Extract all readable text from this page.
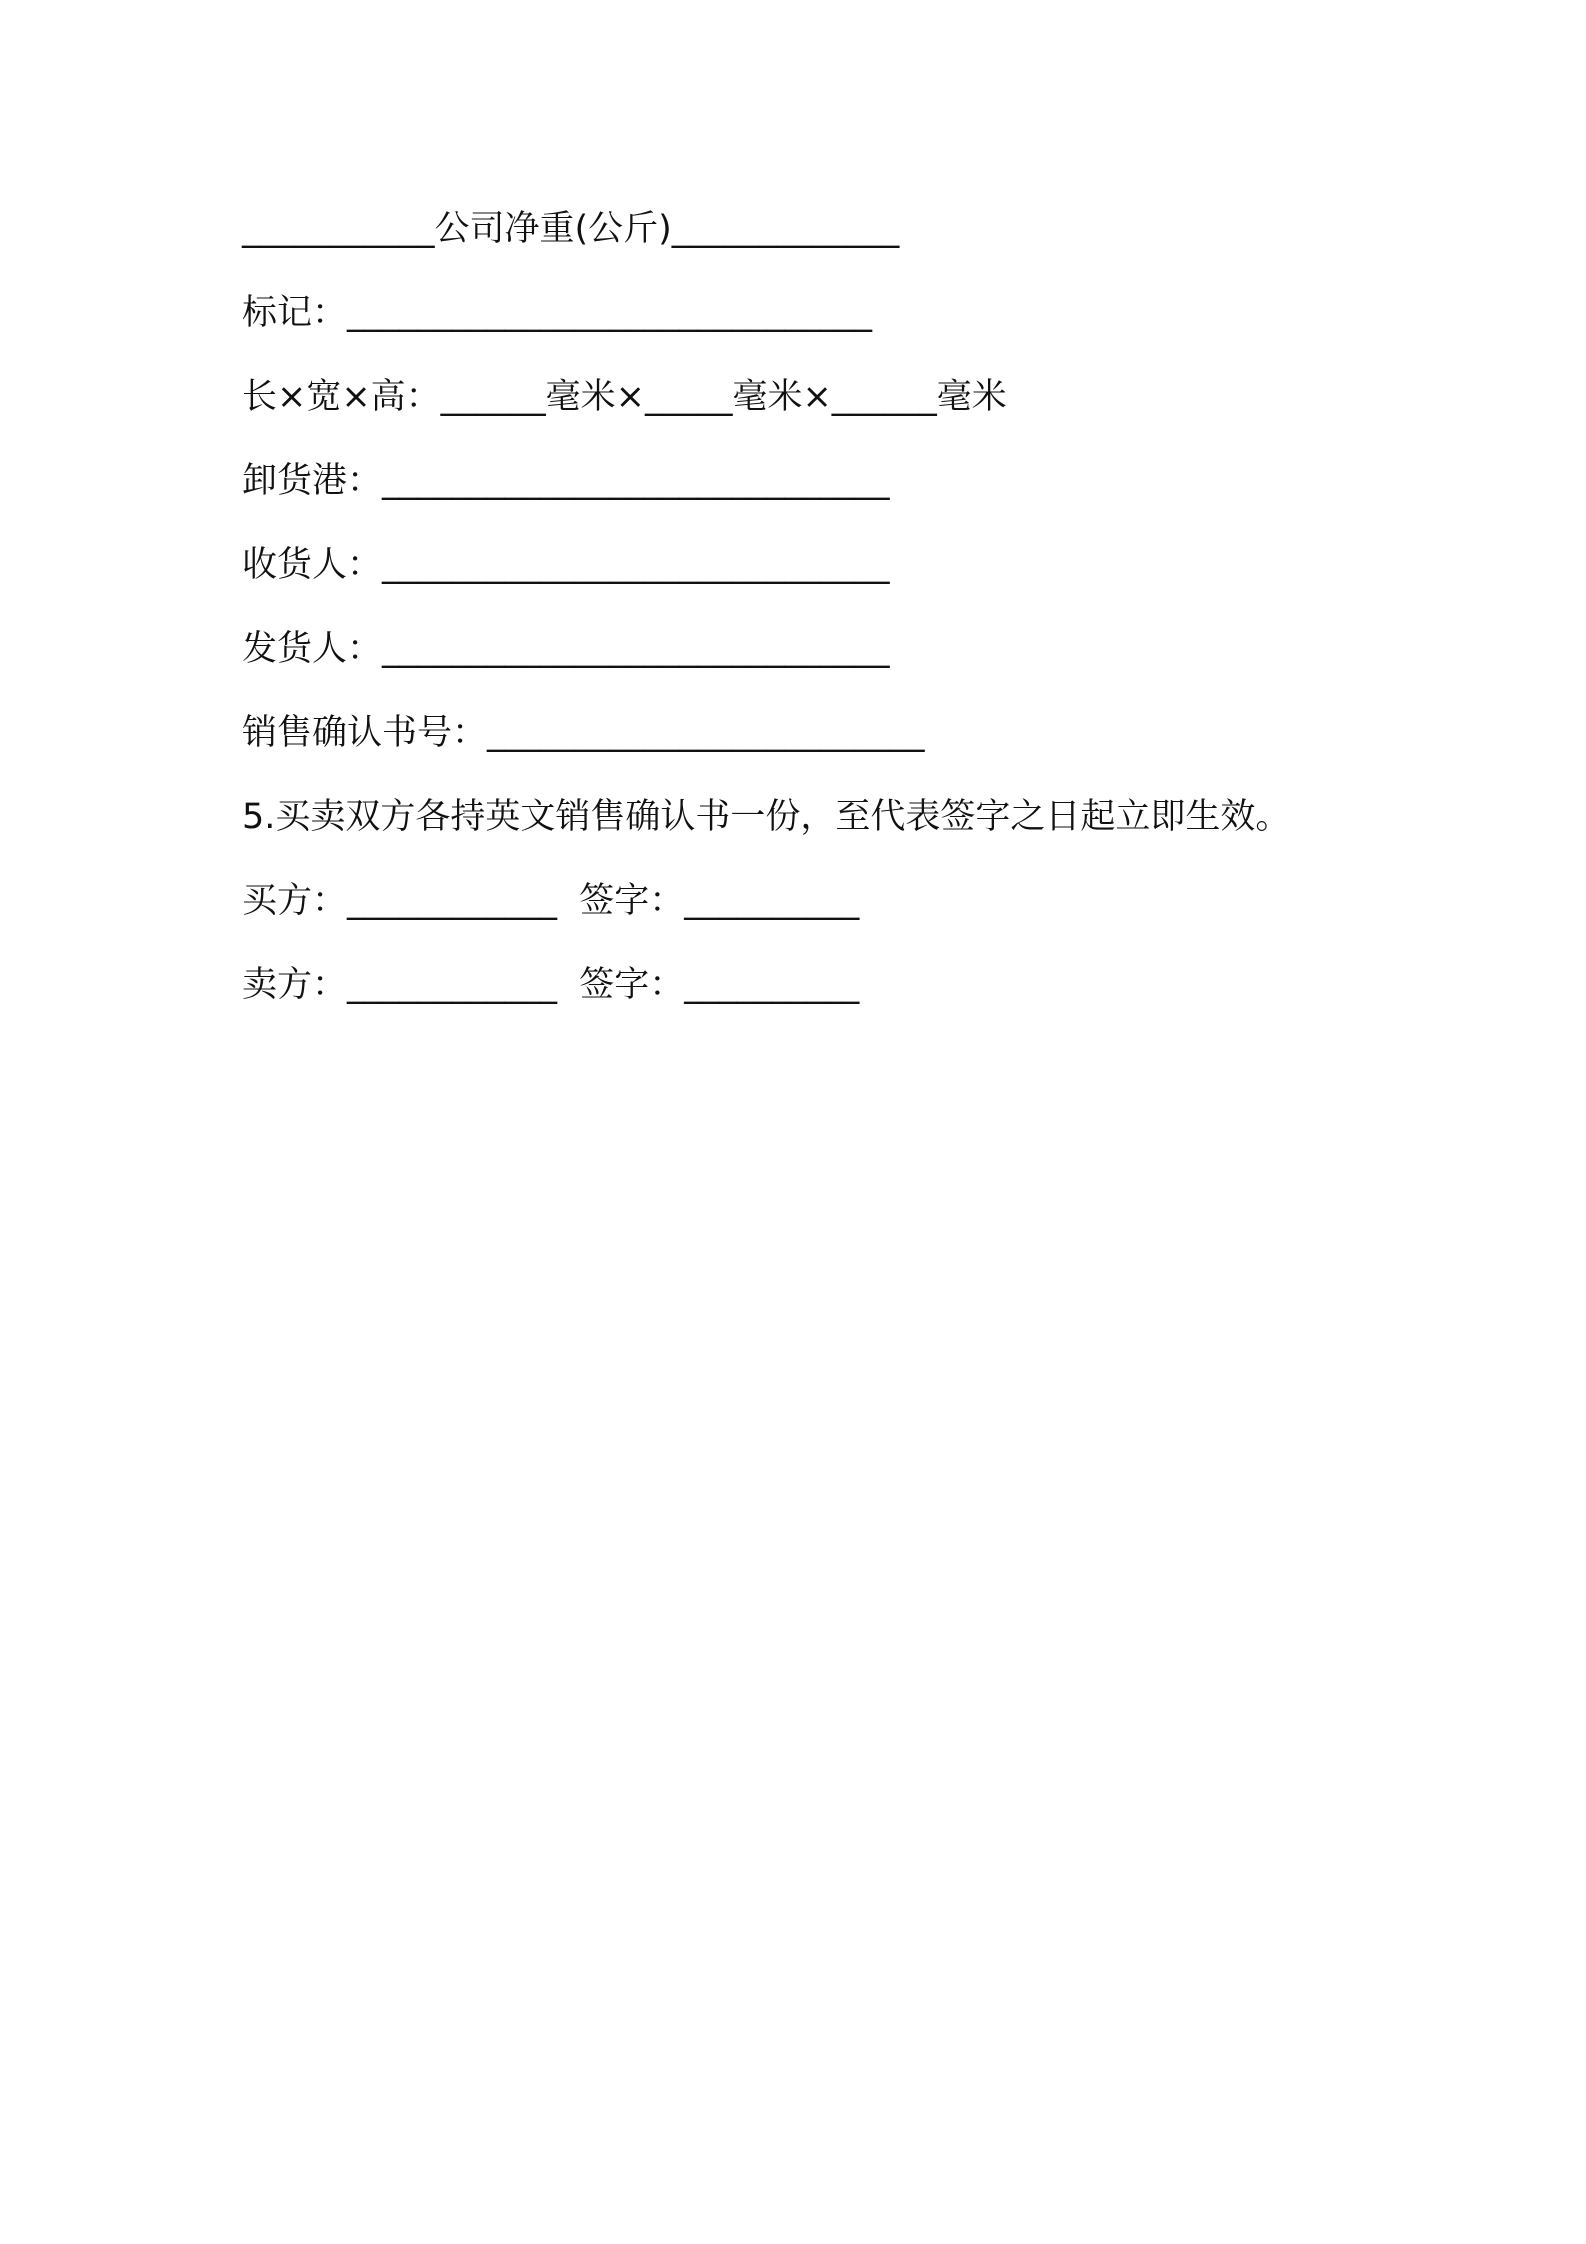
___________公司净重(公斤)_____________
标记：______________________________
长×宽×高：______毫米×_____毫米×______毫米
卸货港：_____________________________
收货人：_____________________________
发货人：_____________________________
销售确认书号：_________________________
5.买卖双方各持英文销售确认书一份，至代表签字之日起立即生效。
买方：____________  签字：__________
卖方：____________  签字：__________
